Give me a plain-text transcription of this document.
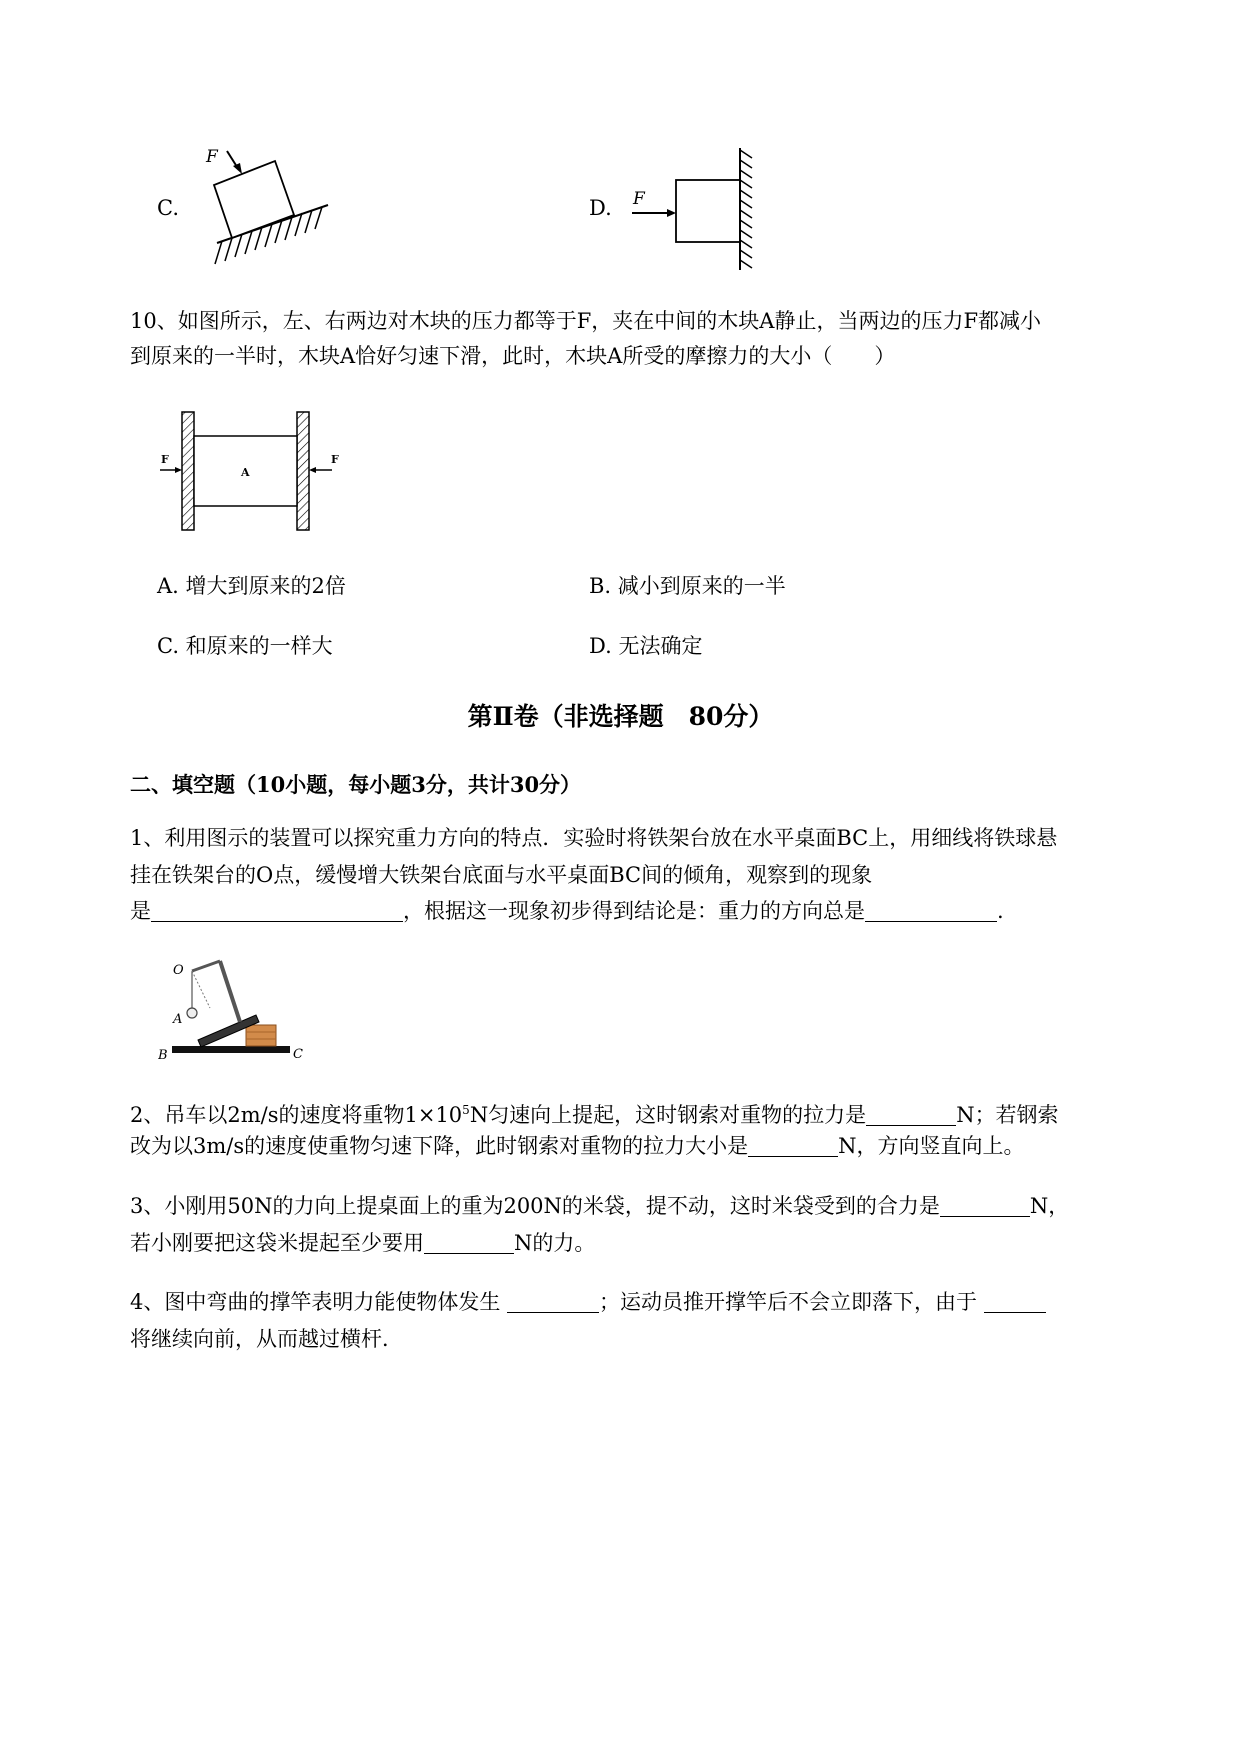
C.
F
D. F
10、如图所示，左、右两边对木块的压力都等于F，夹在中间的木块A静止，当两边的压力F都减小
到原来的一半时，木块A恰好匀速下滑，此时，木块A所受的摩擦力的大小（　　）
A
F	F
A. 增大到原来的2倍	B. 减小到原来的一半
C. 和原来的一样大	D. 无法确定
第Ⅱ卷（非选择题　80分）
二、填空题（10小题，每小题3分，共计30分）
1、利用图示的装置可以探究重力方向的特点．实验时将铁架台放在水平桌面BC上，用细线将铁球悬
挂在铁架台的O点，缓慢增大铁架台底面与水平桌面BC间的倾角，观察到的现象
是	，根据这一现象初步得到结论是：重力的方向总是	.
B	C
O
A
2、吊车以2m/s的速度将重物$1\times 10^5N$匀速向上提起，这时钢索对重物的拉力是	N；若钢索
改为以3m/s的速度使重物匀速下降，此时钢索对重物的拉力大小是	N，方向竖直向上。
3、小刚用50N的力向上提桌面上的重为200N的米袋，提不动，这时米袋受到的合力是	N，
若小刚要把这袋米提起至少要用	N的力。
4、图中弯曲的撑竿表明力能使物体发生	；运动员推开撑竿后不会立即落下，由于
将继续向前，从而越过横杆．
